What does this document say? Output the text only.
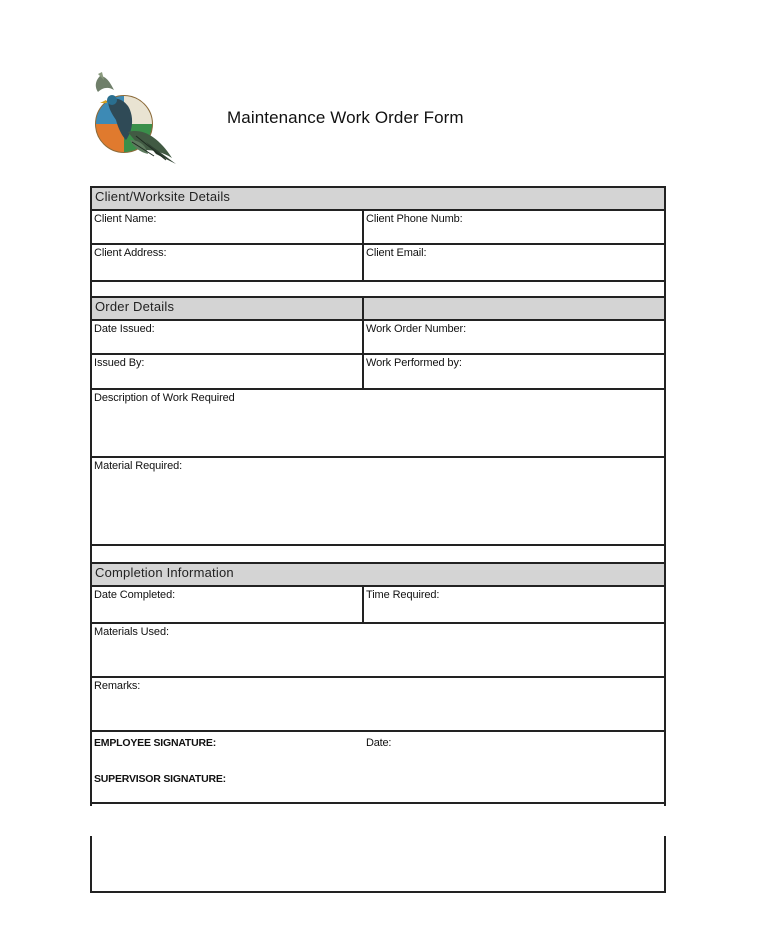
Maintenance Work Order Form
Client/Worksite Details
Client Name:	Client Phone Numb:
Client Address:	Client Email:
Order Details
Date Issued:	Work Order Number:
Issued By:	Work Performed by:
Description of Work Required
Material Required:
Completion Information
Date Completed:	Time Required:
Materials Used:
Remarks:
EMPLOYEE SIGNATURE:	Date:
SUPERVISOR SIGNATURE:
